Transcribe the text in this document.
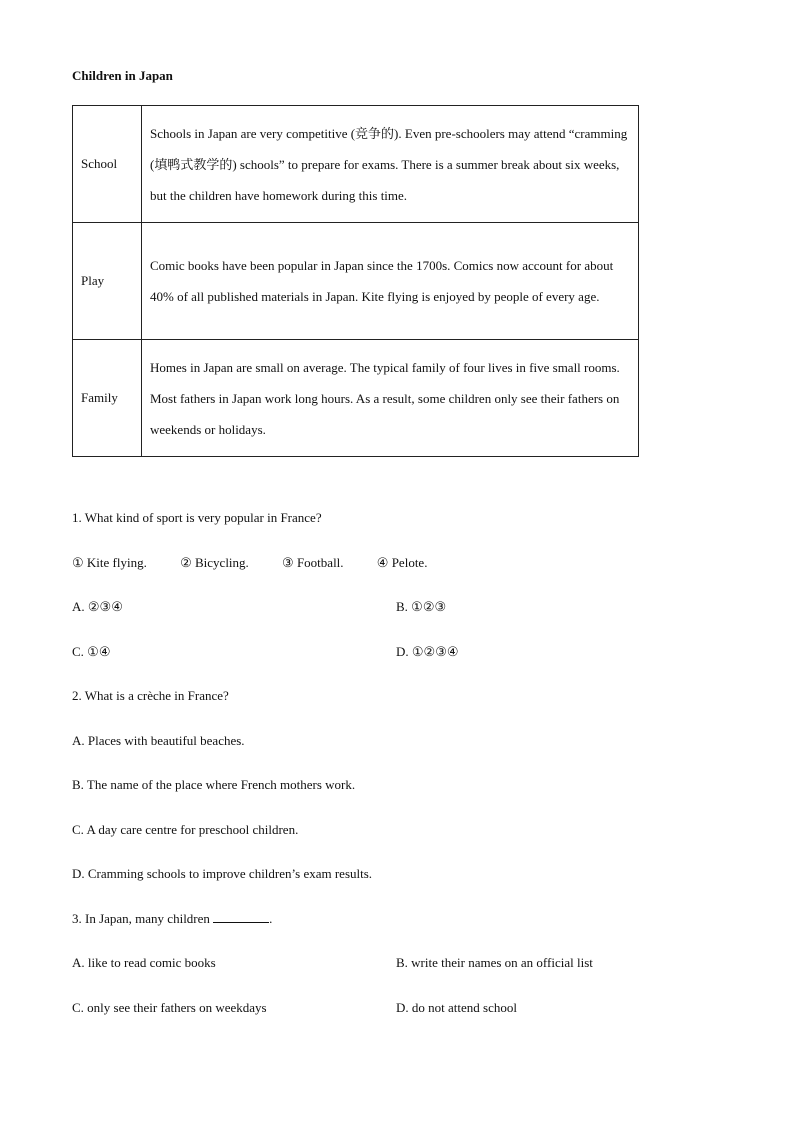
Children in Japan
School	Schools in Japan are very competitive (竞争的). Even pre-schoolers may attend “cramming (填鸭式教学的) schools” to prepare for exams. There is a summer break about six weeks, but the children have homework during this time.
Play	Comic books have been popular in Japan since the 1700s. Comics now account for about 40% of all published materials in Japan. Kite flying is enjoyed by people of every age.
Family	Homes in Japan are small on average. The typical family of four lives in five small rooms. Most fathers in Japan work long hours. As a result, some children only see their fathers on weekends or holidays.
1. What kind of sport is very popular in France?
① Kite flying.	② Bicycling.	③ Football.	④ Pelote.
A. ②③④	B. ①②③
C. ①④	D. ①②③④
2. What is a crèche in France?
A. Places with beautiful beaches.
B. The name of the place where French mothers work.
C. A day care centre for preschool children.
D. Cramming schools to improve children’s exam results.
3. In Japan, many children	.
A. like to read comic books	B. write their names on an official list
C. only see their fathers on weekdays	D. do not attend school
